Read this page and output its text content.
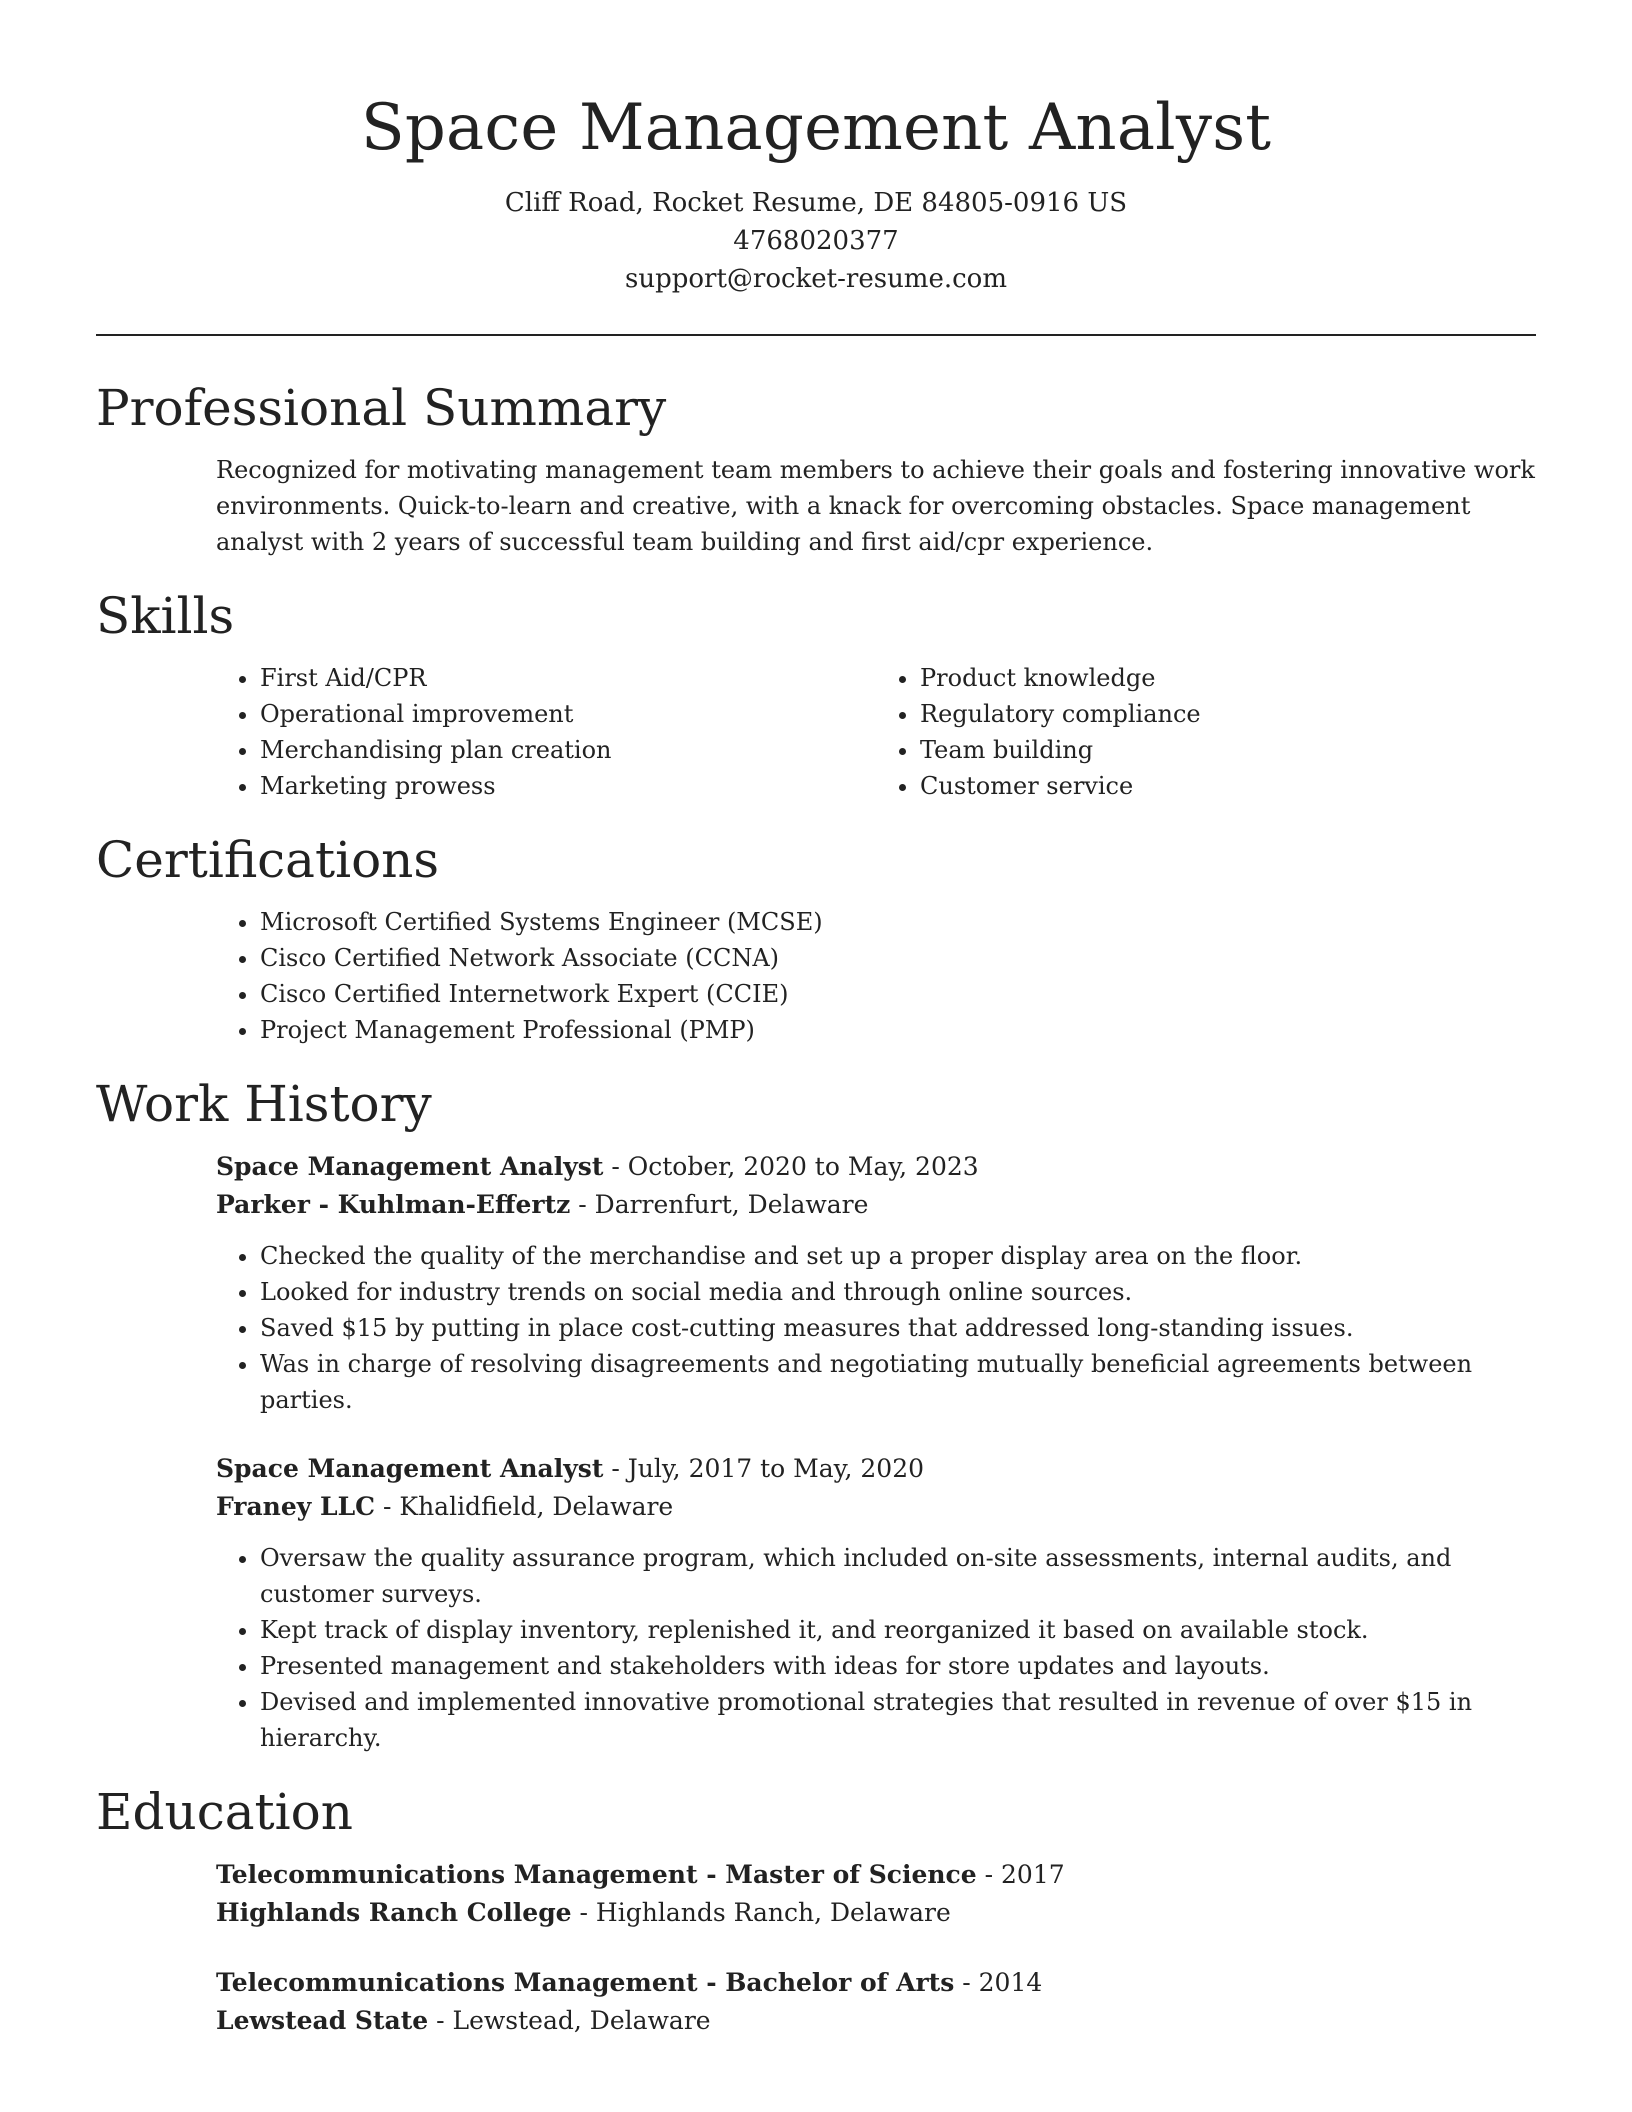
Space Management Analyst
Cliff Road, Rocket Resume, DE 84805-0916 US
4768020377
support@rocket-resume.com
Professional Summary
Recognized for motivating management team members to achieve their goals and fostering innovative work environments. Quick-to-learn and creative, with a knack for overcoming obstacles. Space management analyst with 2 years of successful team building and first aid/cpr experience.
Skills
• First Aid/CPR
• Operational improvement
• Merchandising plan creation
• Marketing prowess
• Product knowledge
• Regulatory compliance
• Team building
• Customer service
Certifications
• Microsoft Certified Systems Engineer (MCSE)
• Cisco Certified Network Associate (CCNA)
• Cisco Certified Internetwork Expert (CCIE)
• Project Management Professional (PMP)
Work History
Space Management Analyst - October, 2020 to May, 2023
Parker - Kuhlman-Effertz - Darrenfurt, Delaware
• Checked the quality of the merchandise and set up a proper display area on the floor.
• Looked for industry trends on social media and through online sources.
• Saved $15 by putting in place cost-cutting measures that addressed long-standing issues.
• Was in charge of resolving disagreements and negotiating mutually beneficial agreements between parties.
Space Management Analyst - July, 2017 to May, 2020
Franey LLC - Khalidfield, Delaware
• Oversaw the quality assurance program, which included on-site assessments, internal audits, and customer surveys.
• Kept track of display inventory, replenished it, and reorganized it based on available stock.
• Presented management and stakeholders with ideas for store updates and layouts.
• Devised and implemented innovative promotional strategies that resulted in revenue of over $15 in hierarchy.
Education
Telecommunications Management - Master of Science - 2017
Highlands Ranch College - Highlands Ranch, Delaware
Telecommunications Management - Bachelor of Arts - 2014
Lewstead State - Lewstead, Delaware
